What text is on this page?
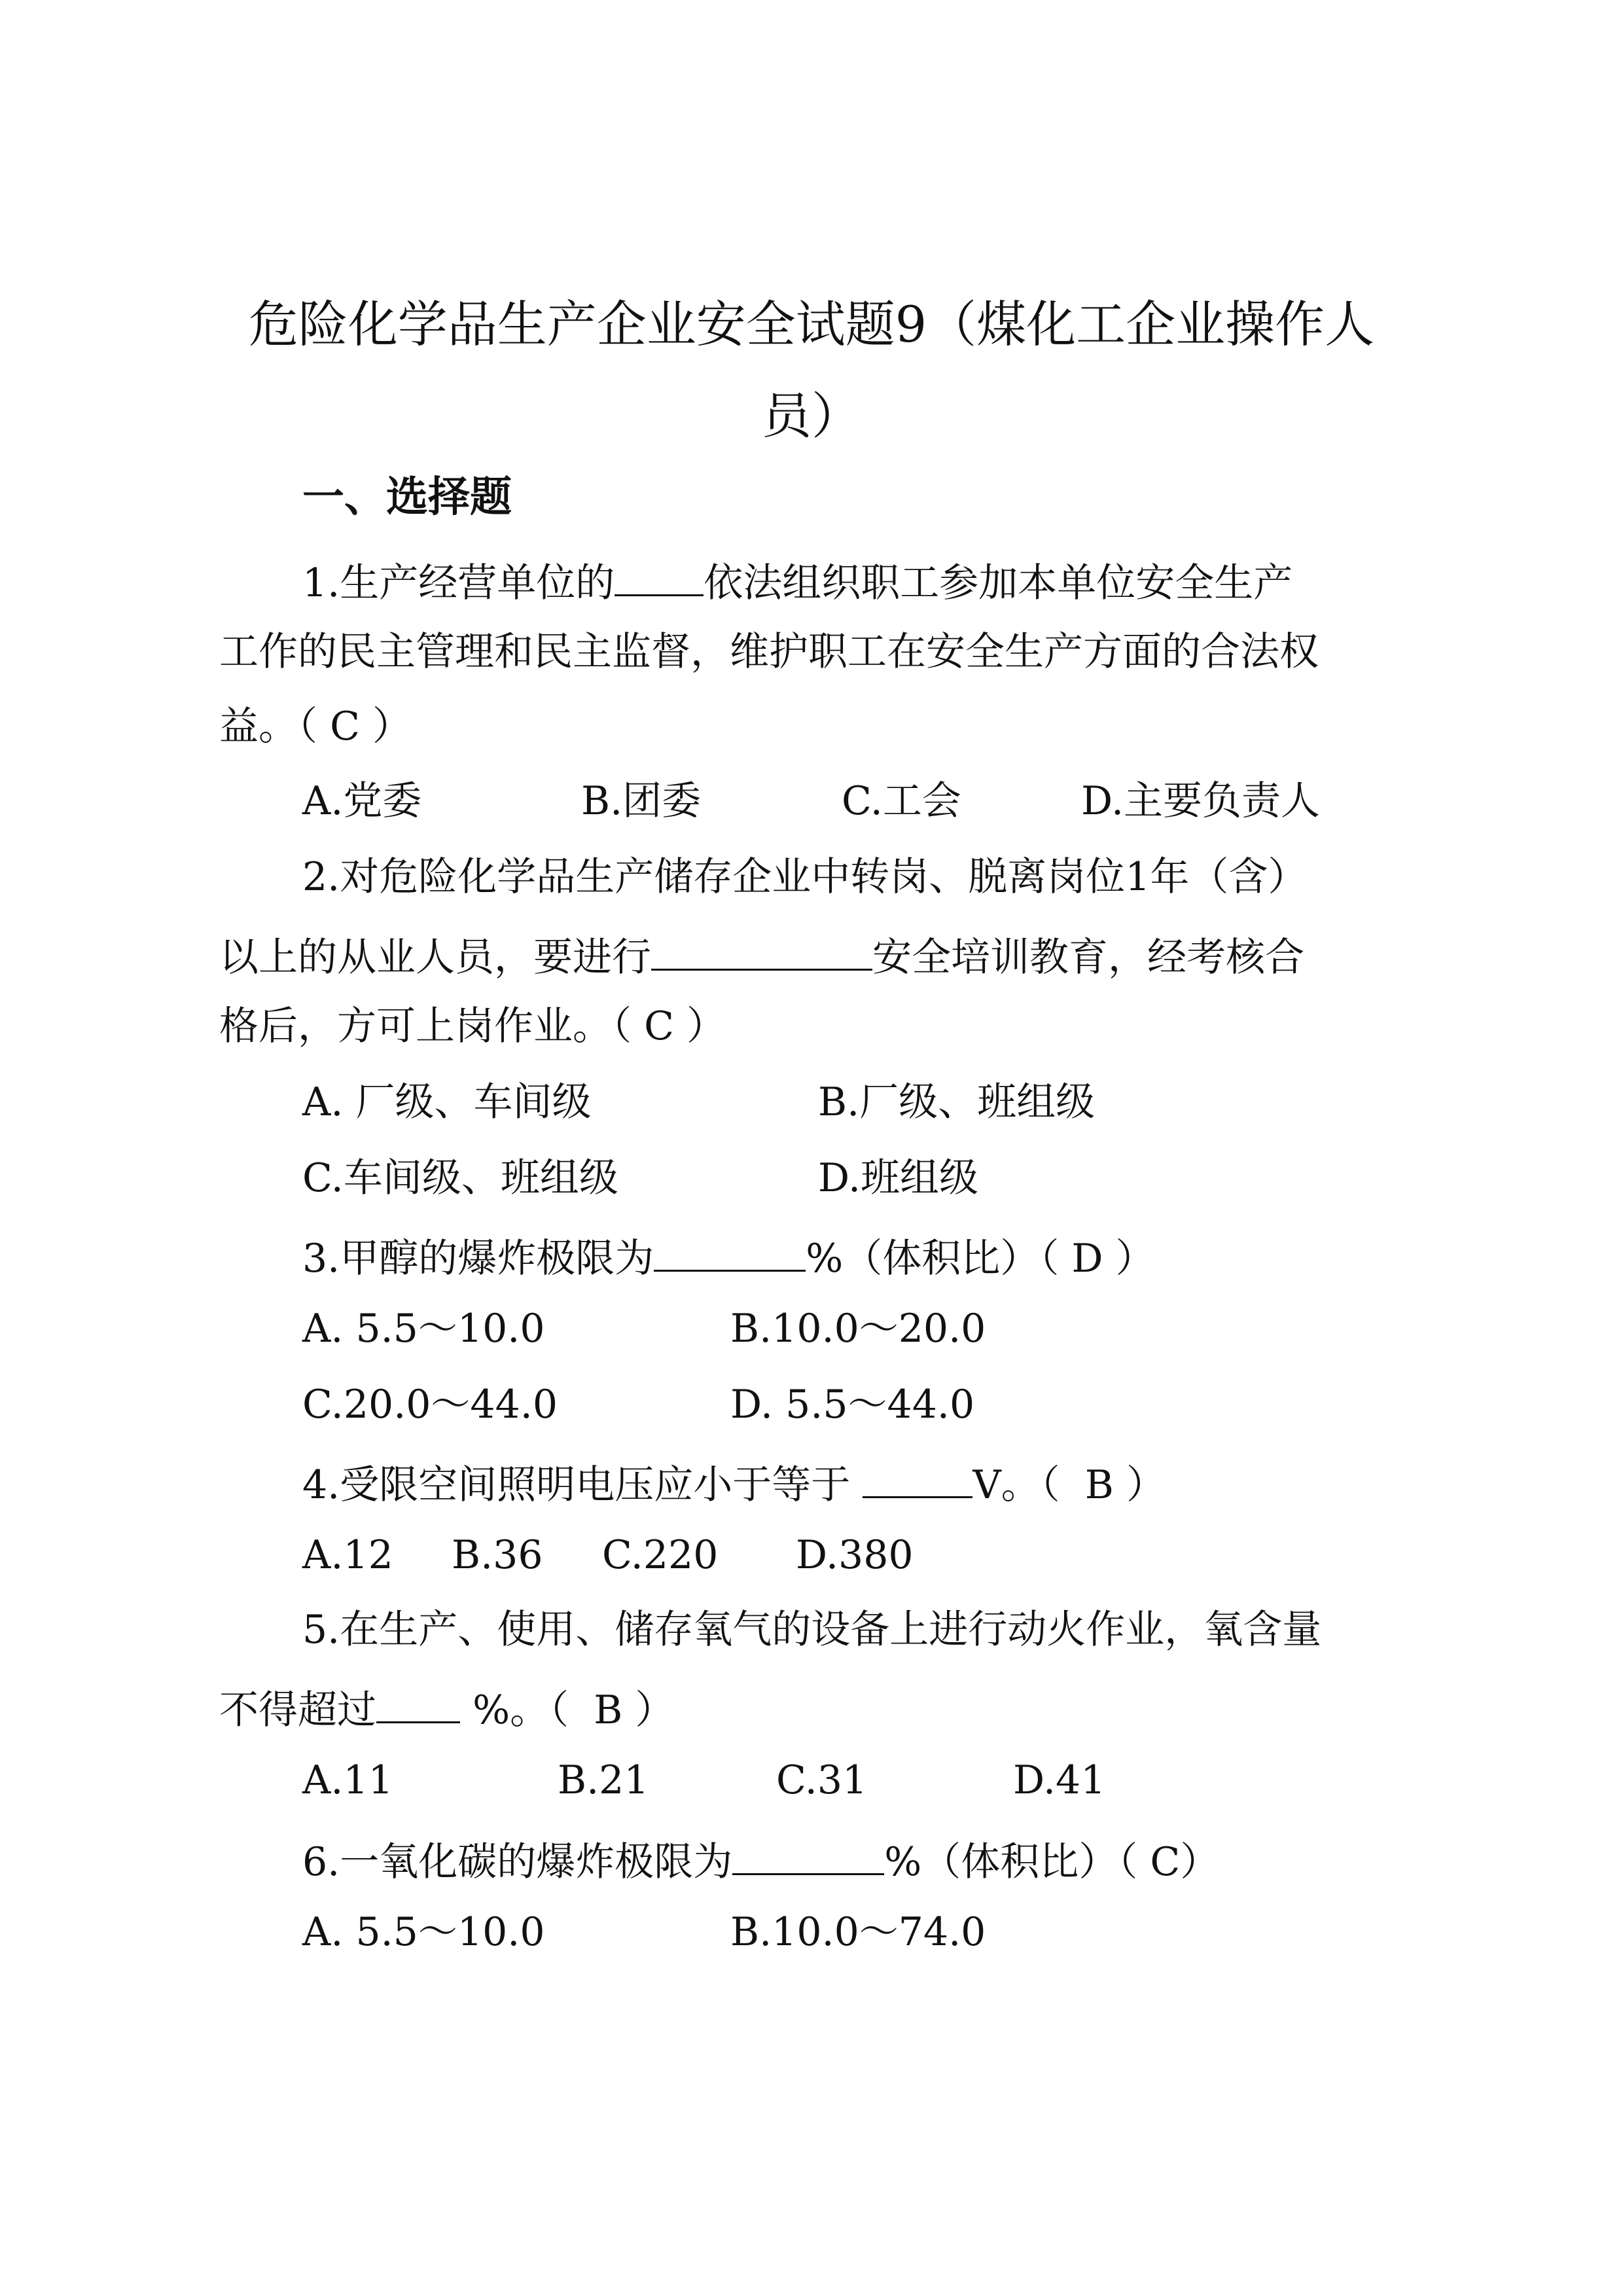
危险化学品生产企业安全试题9（煤化工企业操作人
员）
一、选择题
1.生产经营单位的 依法组织职工参加本单位安全生产
工作的民主管理和民主监督，维护职工在安全生产方面的合法权
益。（ C ）
A.党委	B.团委	C.工会	D.主要负责人
2.对危险化学品生产储存企业中转岗、脱离岗位1年（含）
以上的从业人员，要进行	安全培训教育，经考核合
格后，方可上岗作业。（ C ）
A. 厂级、车间级	B.厂级、班组级
C.车间级、班组级	D.班组级
3.甲醇的爆炸极限为	%（体积比）（ D ）
A. 5.5～10.0	B.10.0～20.0
C.20.0～44.0	D. 5.5～44.0
4.受限空间照明电压应小于等于	V。（  B ）
A.12 B.36 C.220 D.380
5.在生产、使用、储存氧气的设备上进行动火作业，氧含量
不得超过 %。（  B ）
A.11	B.21	C.31	D.41
6.一氧化碳的爆炸极限为	%（体积比）（ C）
A. 5.5～10.0	B.10.0～74.0
